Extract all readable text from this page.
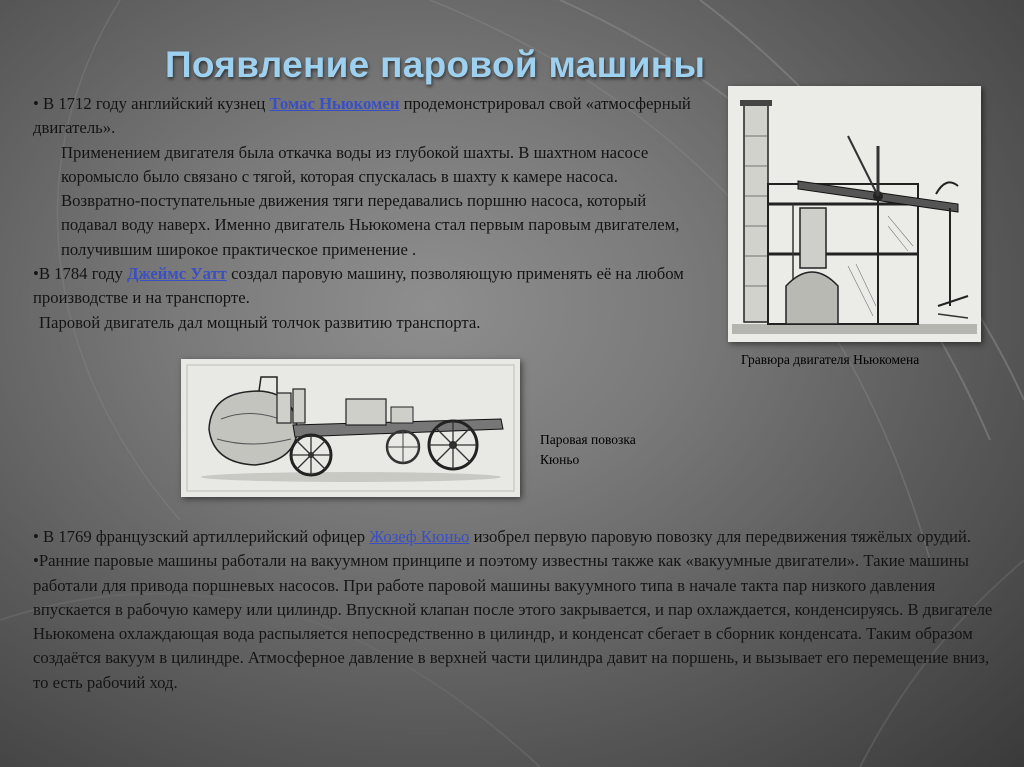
Появление паровой машины

• В 1712 году английский кузнец Томас Ньюкомен продемонстрировал свой «атмосферный двигатель».

Применением двигателя была откачка воды из глубокой шахты. В шахтном насосе коромысло было связано с тягой, которая спускалась в шахту к камере насоса. Возвратно-поступательные движения тяги передавались поршню насоса, который подавал воду наверх. Именно двигатель Ньюкомена стал первым паровым двигателем, получившим широкое практическое применение .

•В 1784 году Джеймс Уатт создал паровую машину, позволяющую применять её на любом производстве и на транспорте.

Паровой двигатель дал мощный толчок развитию транспорта.

Гравюра двигателя Ньюкомена
Паровая повозка
Кюньо

• В 1769 французский артиллерийский офицер Жозеф Кюньо изобрел первую паровую повозку для передвижения тяжёлых орудий.

•Ранние паровые машины работали на вакуумном принципе и поэтому известны также как «вакуумные двигатели». Такие машины работали для привода поршневых насосов. При работе паровой машины вакуумного типа в начале такта пар низкого давления впускается в рабочую камеру или цилиндр. Впускной клапан после этого закрывается, и пар охлаждается, конденсируясь. В двигателе Ньюкомена охлаждающая вода распыляется непосредственно в цилиндр, и конденсат сбегает в сборник конденсата. Таким образом создаётся вакуум в цилиндре. Атмосферное давление в верхней части цилиндра давит на поршень, и вызывает его перемещение вниз, то есть рабочий ход.
